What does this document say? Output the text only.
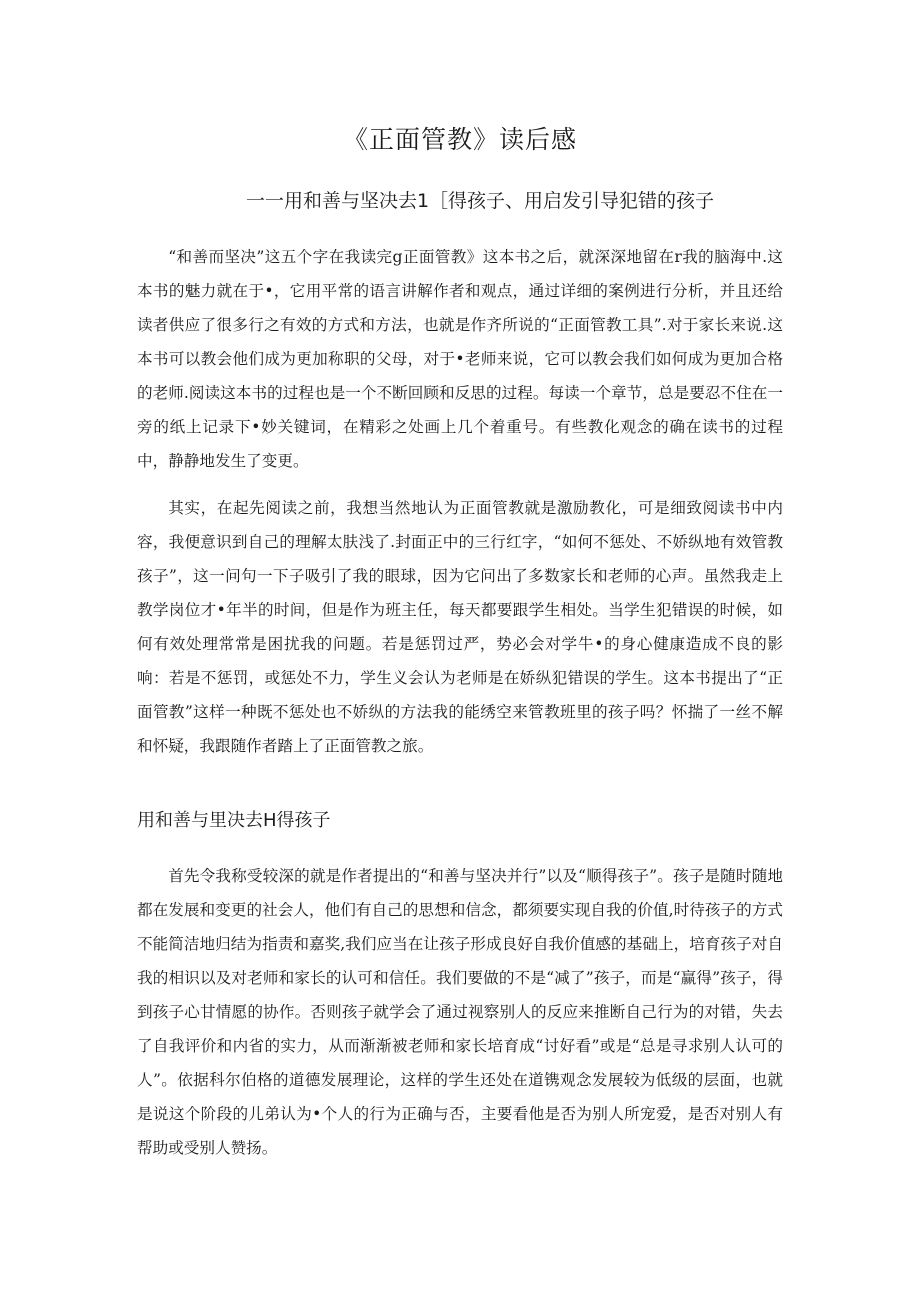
《正面管教》读后感
一一用和善与坚决去1［得孩子、用启发引导犯错的孩子

“和善而坚决”这五个字在我读完g正面管教》这本书之后，就深深地留在r我的脑海中.这本书的魅力就在于•，它用平常的语言讲解作者和观点，通过详细的案例进行分析，并且还给读者供应了很多行之有效的方式和方法，也就是作齐所说的“正面管教工具”.对于家长来说.这本书可以教会他们成为更加称职的父母，对于•老师来说，它可以教会我们如何成为更加合格的老师.阅读这本书的过程也是一个不断回顾和反思的过程。每读一个章节，总是要忍不住在一旁的纸上记录下•妙关键词，在精彩之处画上几个着重号。有些教化观念的确在读书的过程中，静静地发生了变更。

其实，在起先阅读之前，我想当然地认为正面管教就是激励教化，可是细致阅读书中内容，我便意识到自己的理解太肤浅了.封面正中的三行红字，“如何不惩处、不娇纵地有效管教孩子”，这一问句一下子吸引了我的眼球，因为它问出了多数家长和老师的心声。虽然我走上教学岗位才•年半的时间，但是作为班主任，每天都要跟学生相处。当学生犯错误的时候，如何有效处理常常是困扰我的问题。若是惩罚过严，势必会对学牛•的身心健康造成不良的影响：若是不惩罚，或惩处不力，学生义会认为老师是在娇纵犯错误的学生。这本书提出了“正面管教”这样一种既不惩处也不娇纵的方法我的能绣空来管教班里的孩子吗？怀揣了一丝不解和怀疑，我跟随作者踏上了正面管教之旅。

用和善与里决去H得孩子

首先令我称受较深的就是作者提出的“和善与坚决并行”以及“顺得孩子”。孩子是随时随地都在发展和变更的社会人，他们有自己的思想和信念，都须要实现自我的价值,时待孩子的方式不能简洁地归结为指责和嘉奖,我们应当在让孩子形成良好自我价值感的基础上，培育孩子对自我的相识以及对老师和家长的认可和信任。我们要做的不是“减了”孩子，而是“赢得”孩子，得到孩子心甘情愿的协作。否则孩子就学会了通过视察别人的反应来推断自己行为的对错，失去了自我评价和内省的实力，从而渐渐被老师和家长培育成“讨好看”或是“总是寻求别人认可的人”。依据科尔伯格的道德发展理论，这样的学生还处在道镌观念发展较为低级的层面，也就是说这个阶段的儿弟认为•个人的行为正确与否，主要看他是否为别人所宠爱，是否对别人有帮助或受别人赞扬。
